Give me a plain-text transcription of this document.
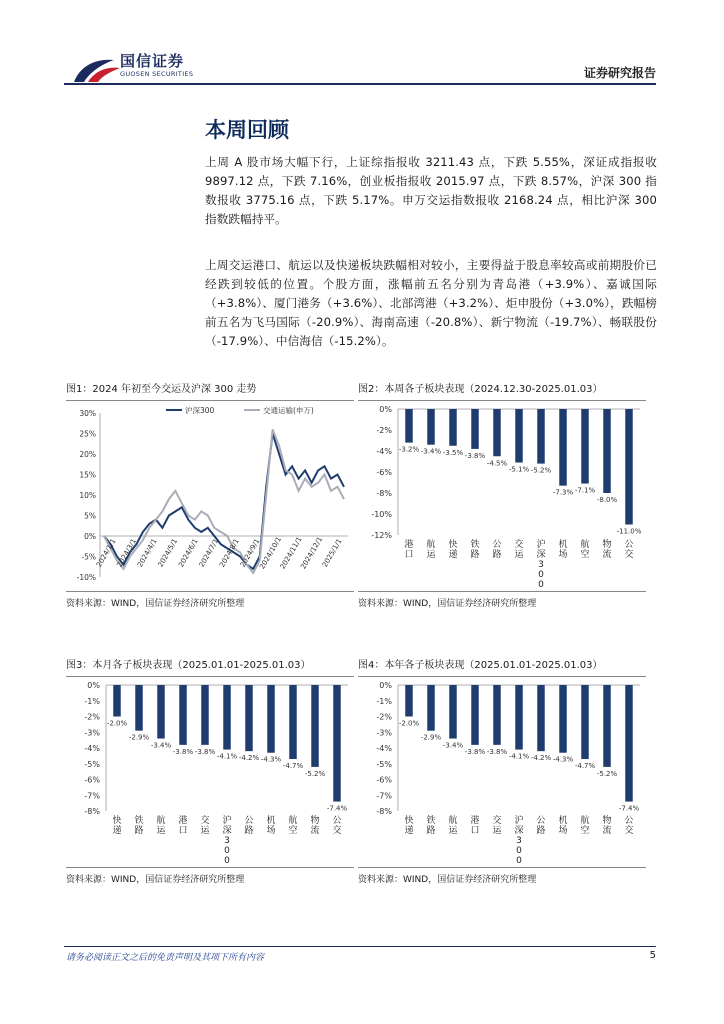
国信证券
GUOSEN SECURITIES	证券研究报告
本周回顾
上周 A 股市场大幅下行，上证综指报收 3211.43 点，下跌 5.55%，深证成指报收 9897.12 点，下跌 7.16%，创业板指报收 2015.97 点，下跌 8.57%，沪深 300 指数报收 3775.16 点，下跌 5.17%。申万交运指数报收 2168.24 点，相比沪深 300 指数跌幅持平。
上周交运港口、航运以及快递板块跌幅相对较小，主要得益于股息率较高或前期股价已经跌到较低的位置。个股方面，涨幅前五名分别为青岛港（+3.9%）、嘉诚国际（+3.8%）、厦门港务（+3.6%）、北部湾港（+3.2%）、炬申股份（+3.0%），跌幅榜前五名为飞马国际（-20.9%）、海南高速（-20.8%）、新宁物流（-19.7%）、畅联股份（-17.9%）、中信海信（-15.2%）。
图1：2024 年初至今交运及沪深 300 走势
30%
25%
20%
15%
10%
5%
0%
-5%
-10%
沪深300	交通运输(申万)
2024/1/1
2024/3/1
2024/4/1
2024/5/1
2024/6/1
2024/7/1
2024/8/1
2024/9/1
2024/10/1
2024/11/1
2024/12/1
2025/1/1
资料来源：WIND，国信证券经济研究所整理
图2：本周各子板块表现（2024.12.30-2025.01.03）
0%
-2%
-4%
-6%
-8%
-10%
-12%
-3.2%
港口
-3.4%
航运
-3.5%
快递
-3.8%
铁路
-4.5%
公路
-5.1%
交运
-5.2%
沪深 3 0 0
-7.3%
机场
-7.1%
航空
-8.0%
物流
-11.0%
公交
资料来源：WIND，国信证券经济研究所整理
图3：本月各子板块表现（2025.01.01-2025.01.03）
0%
-1%
-2%
-3%
-4%
-5%
-6%
-7%
-8%
-2.0%
快递
-2.9%
铁路
-3.4%
航运
-3.8%
港口
-3.8%
交运
-4.1%
沪深 3 0 0
-4.2%
公路
-4.3%
机场
-4.7%
航空
-5.2%
物流
-7.4%
公交
资料来源：WIND，国信证券经济研究所整理
图4：本年各子板块表现（2025.01.01-2025.01.03）
0%
-1%
-2%
-3%
-4%
-5%
-6%
-7%
-8%
-2.0%
快递
-2.9%
铁路
-3.4%
航运
-3.8%
港口
-3.8%
交运
-4.1%
沪深 3 0 0
-4.2%
公路
-4.3%
机场
-4.7%
航空
-5.2%
物流
-7.4%
公交
资料来源：WIND，国信证券经济研究所整理
请务必阅读正文之后的免责声明及其项下所有内容	5
